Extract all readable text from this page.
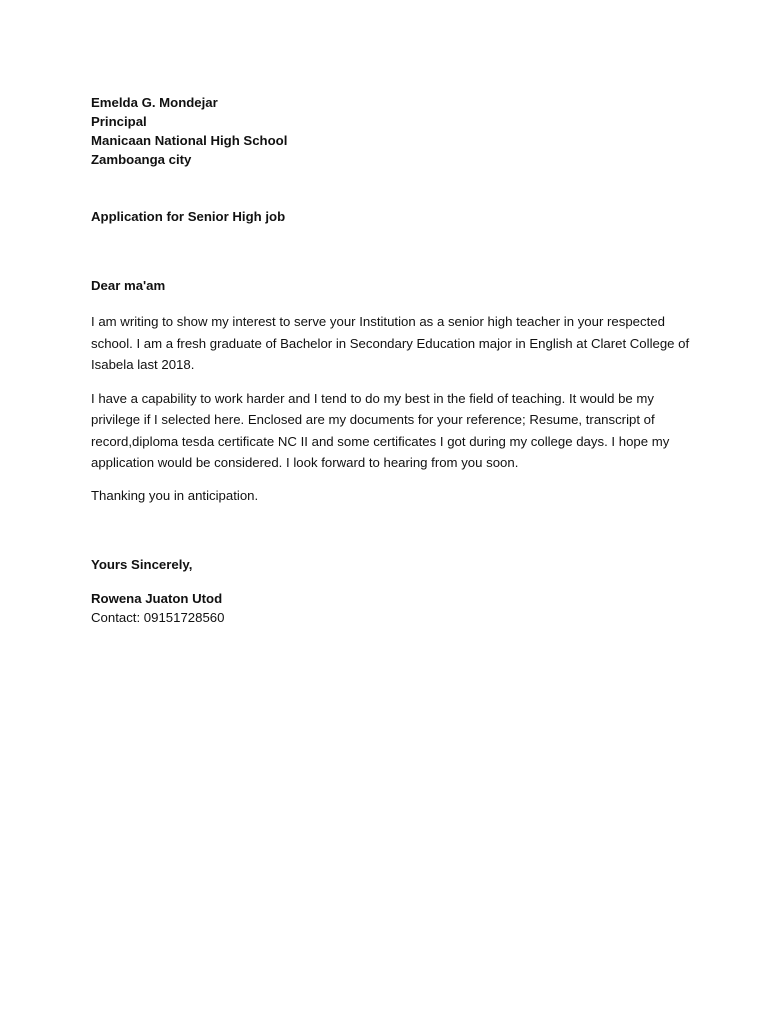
Emelda G. Mondejar
Principal
Manicaan National High School
Zamboanga city
Application for Senior High job
Dear ma'am

I am writing to show my interest to serve your Institution as a senior high teacher in your respected school. I am a fresh graduate of Bachelor in Secondary Education major in English at Claret College of Isabela last 2018.

I have a capability to work harder and I tend to do my best in the field of teaching. It would be my privilege if I selected here. Enclosed are my documents for your reference; Resume, transcript of record,diploma tesda certificate NC II and some certificates I got during my college days. I hope my application would be considered. I look forward to hearing from you soon.

Thanking you in anticipation.

Yours Sincerely,
Rowena Juaton Utod
Contact: 09151728560
